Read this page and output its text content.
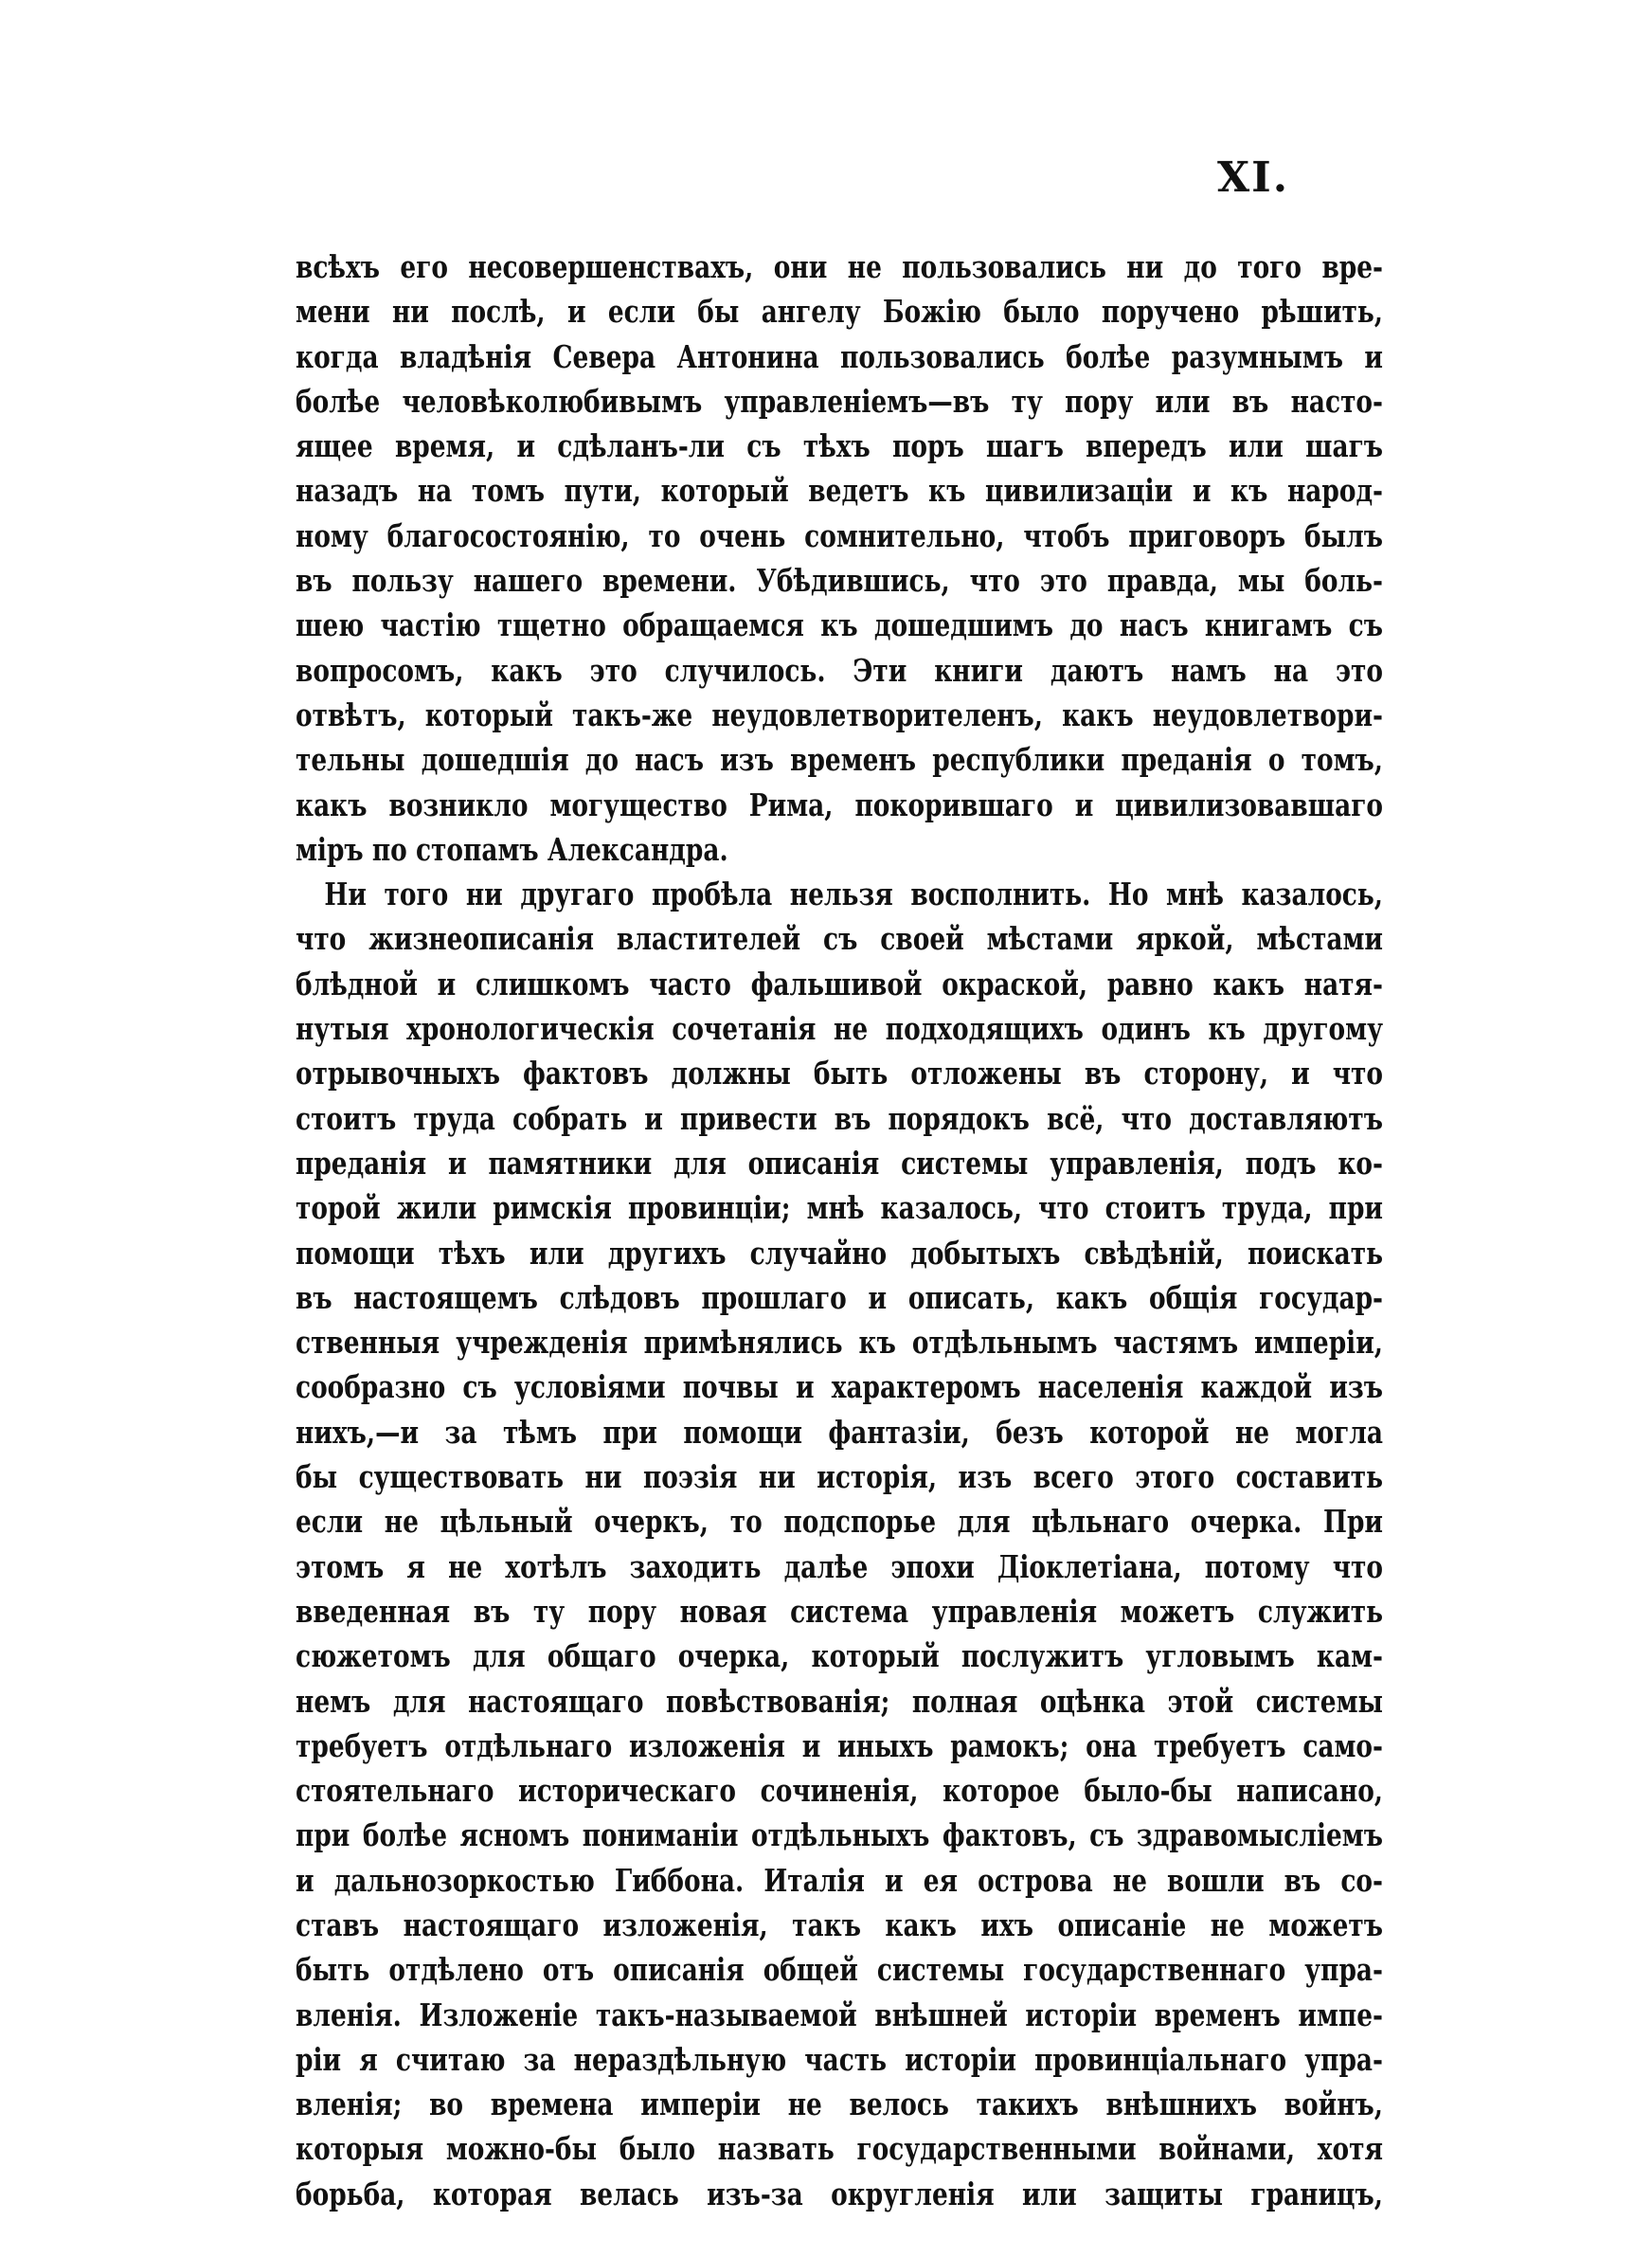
XI.
всѣхъ его несовершенствахъ, они не пользовались ни до того вре-
мени ни послѣ, и если бы ангелу Божію было поручено рѣшить,
когда владѣнія Севера Антонина пользовались болѣе разумнымъ и
болѣе человѣколюбивымъ управленіемъ—въ ту пору или въ насто-
ящее время, и сдѣланъ-ли съ тѣхъ поръ шагъ впередъ или шагъ
назадъ на томъ пути, который ведетъ къ цивилизаціи и къ народ-
ному благосостоянію, то очень сомнительно, чтобъ приговоръ былъ
въ пользу нашего времени. Убѣдившись, что это правда, мы боль-
шею частію тщетно обращаемся къ дошедшимъ до насъ книгамъ съ
вопросомъ, какъ это случилось. Эти книги даютъ намъ на это
отвѣтъ, который такъ-же неудовлетворителенъ, какъ неудовлетвори-
тельны дошедшія до насъ изъ временъ республики преданія о томъ,
какъ возникло могущество Рима, покорившаго и цивилизовавшаго
міръ по стопамъ Александра.
Ни того ни другаго пробѣла нельзя восполнить. Но мнѣ казалось,
что жизнеописанія властителей съ своей мѣстами яркой, мѣстами
блѣдной и слишкомъ часто фальшивой окраской, равно какъ натя-
нутыя хронологическія сочетанія не подходящихъ одинъ къ другому
отрывочныхъ фактовъ должны быть отложены въ сторону, и что
стоитъ труда собрать и привести въ порядокъ всё, что доставляютъ
преданія и памятники для описанія системы управленія, подъ ко-
торой жили римскія провинціи; мнѣ казалось, что стоитъ труда, при
помощи тѣхъ или другихъ случайно добытыхъ свѣдѣній, поискать
въ настоящемъ слѣдовъ прошлаго и описать, какъ общія государ-
ственныя учрежденія примѣнялись къ отдѣльнымъ частямъ имперіи,
сообразно съ условіями почвы и характеромъ населенія каждой изъ
нихъ,—и за тѣмъ при помощи фантазіи, безъ которой не могла
бы существовать ни поэзія ни исторія, изъ всего этого составить
если не цѣльный очеркъ, то подспорье для цѣльнаго очерка. При
этомъ я не хотѣлъ заходить далѣе эпохи Діоклетіана, потому что
введенная въ ту пору новая система управленія можетъ служить
сюжетомъ для общаго очерка, который послужитъ угловымъ кам-
немъ для настоящаго повѣствованія; полная оцѣнка этой системы
требуетъ отдѣльнаго изложенія и иныхъ рамокъ; она требуетъ само-
стоятельнаго историческаго сочиненія, которое было-бы написано,
при болѣе ясномъ пониманіи отдѣльныхъ фактовъ, съ здравомысліемъ
и дальнозоркостью Гиббона. Италія и ея острова не вошли въ со-
ставъ настоящаго изложенія, такъ какъ ихъ описаніе не можетъ
быть отдѣлено отъ описанія общей системы государственнаго упра-
вленія. Изложеніе такъ-называемой внѣшней исторіи временъ импе-
ріи я считаю за нераздѣльную часть исторіи провинціальнаго упра-
вленія; во времена имперіи не велось такихъ внѣшнихъ войнъ,
которыя можно-бы было назвать государственными войнами, хотя
борьба, которая велась изъ-за округленія или защиты границъ,
